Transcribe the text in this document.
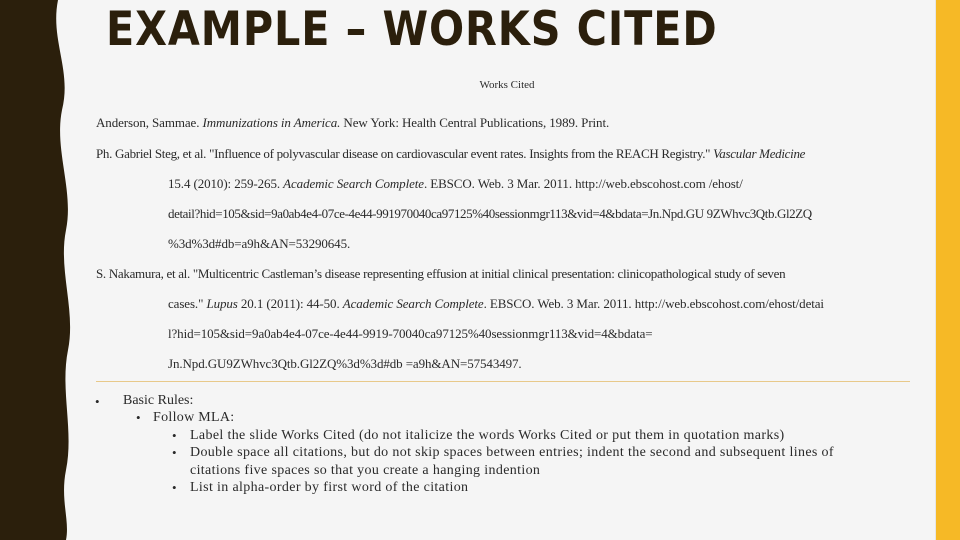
EXAMPLE – WORKS CITED
Works Cited
Anderson, Sammae. Immunizations in America. New York: Health Central Publications, 1989. Print.
Ph. Gabriel Steg, et al. "Influence of polyvascular disease on cardiovascular event rates. Insights from the REACH Registry." Vascular Medicine
15.4 (2010): 259-265. Academic Search Complete. EBSCO. Web. 3 Mar. 2011. http://web.ebscohost.com /ehost/
detail?hid=105&sid=9a0ab4e4-07ce-4e44-991970040ca97125%40sessionmgr113&vid=4&bdata=Jn.Npd.GU 9ZWhvc3Qtb.Gl2ZQ
%3d%3d#db=a9h&AN=53290645.
S. Nakamura, et al. "Multicentric Castleman’s disease representing effusion at initial clinical presentation: clinicopathological study of seven
cases." Lupus 20.1 (2011): 44-50. Academic Search Complete. EBSCO. Web. 3 Mar. 2011. http://web.ebscohost.com/ehost/detai
l?hid=105&sid=9a0ab4e4-07ce-4e44-9919-70040ca97125%40sessionmgr113&vid=4&bdata=
Jn.Npd.GU9ZWhvc3Qtb.Gl2ZQ%3d%3d#db =a9h&AN=57543497.
• Basic Rules:
• Follow MLA:
• Label the slide Works Cited (do not italicize the words Works Cited or put them in quotation marks)
• Double space all citations, but do not skip spaces between entries; indent the second and subsequent lines of
citations five spaces so that you create a hanging indention
• List in alpha-order by first word of the citation
